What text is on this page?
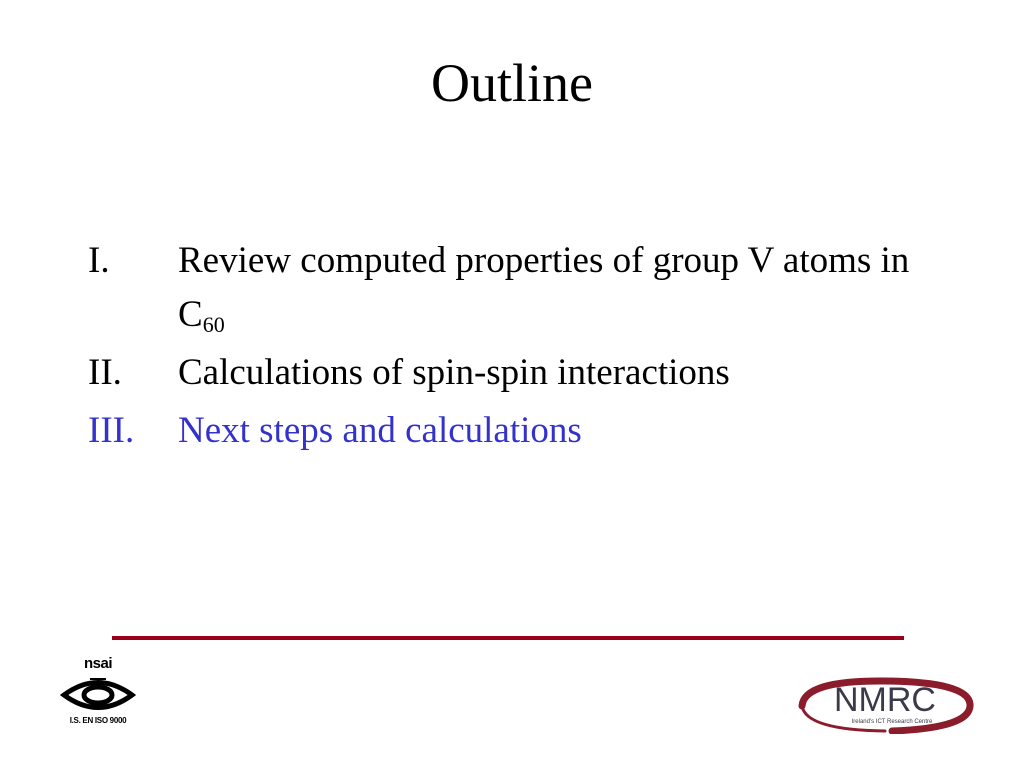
Outline
I.	Review computed properties of group V atoms in $C_{60}$
II.	Calculations of spin-spin interactions
III.	Next steps and calculations
nsai
I.S. EN ISO 9000
NMRC
Ireland's ICT Research Centre
